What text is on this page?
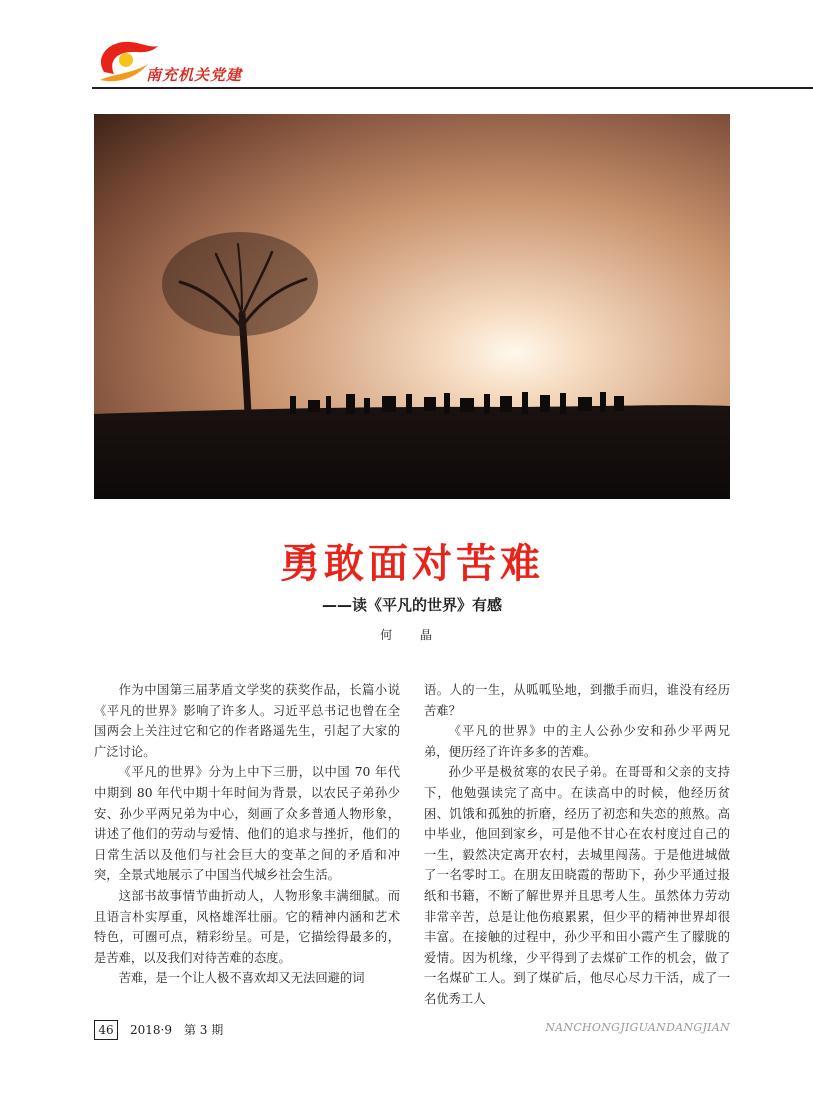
南充机关党建
勇敢面对苦难
——读《平凡的世界》有感
何 晶

作为中国第三届茅盾文学奖的获奖作品，长篇小说《平凡的世界》影响了许多人。习近平总书记也曾在全国两会上关注过它和它的作者路遥先生，引起了大家的广泛讨论。

《平凡的世界》分为上中下三册，以中国 70 年代中期到 80 年代中期十年时间为背景，以农民子弟孙少安、孙少平两兄弟为中心，刻画了众多普通人物形象，讲述了他们的劳动与爱情、他们的追求与挫折，他们的日常生活以及他们与社会巨大的变革之间的矛盾和冲突，全景式地展示了中国当代城乡社会生活。

这部书故事情节曲折动人，人物形象丰满细腻。而且语言朴实厚重，风格雄浑壮丽。它的精神内涵和艺术特色，可圈可点，精彩纷呈。可是，它描绘得最多的，是苦难，以及我们对待苦难的态度。

苦难，是一个让人极不喜欢却又无法回避的词

语。人的一生，从呱呱坠地，到撒手而归，谁没有经历苦难？

《平凡的世界》中的主人公孙少安和孙少平两兄弟，便历经了许许多多的苦难。

孙少平是极贫寒的农民子弟。在哥哥和父亲的支持下，他勉强读完了高中。在读高中的时候，他经历贫困、饥饿和孤独的折磨，经历了初恋和失恋的煎熬。高中毕业，他回到家乡，可是他不甘心在农村度过自己的一生，毅然决定离开农村，去城里闯荡。于是他进城做了一名零时工。在朋友田晓霞的帮助下，孙少平通过报纸和书籍，不断了解世界并且思考人生。虽然体力劳动非常辛苦，总是让他伤痕累累，但少平的精神世界却很丰富。在接触的过程中，孙少平和田小霞产生了朦胧的爱情。因为机缘，少平得到了去煤矿工作的机会，做了一名煤矿工人。到了煤矿后，他尽心尽力干活，成了一名优秀工人

46	2018·9　第 3 期	NANCHONGJIGUANDANGJIAN
